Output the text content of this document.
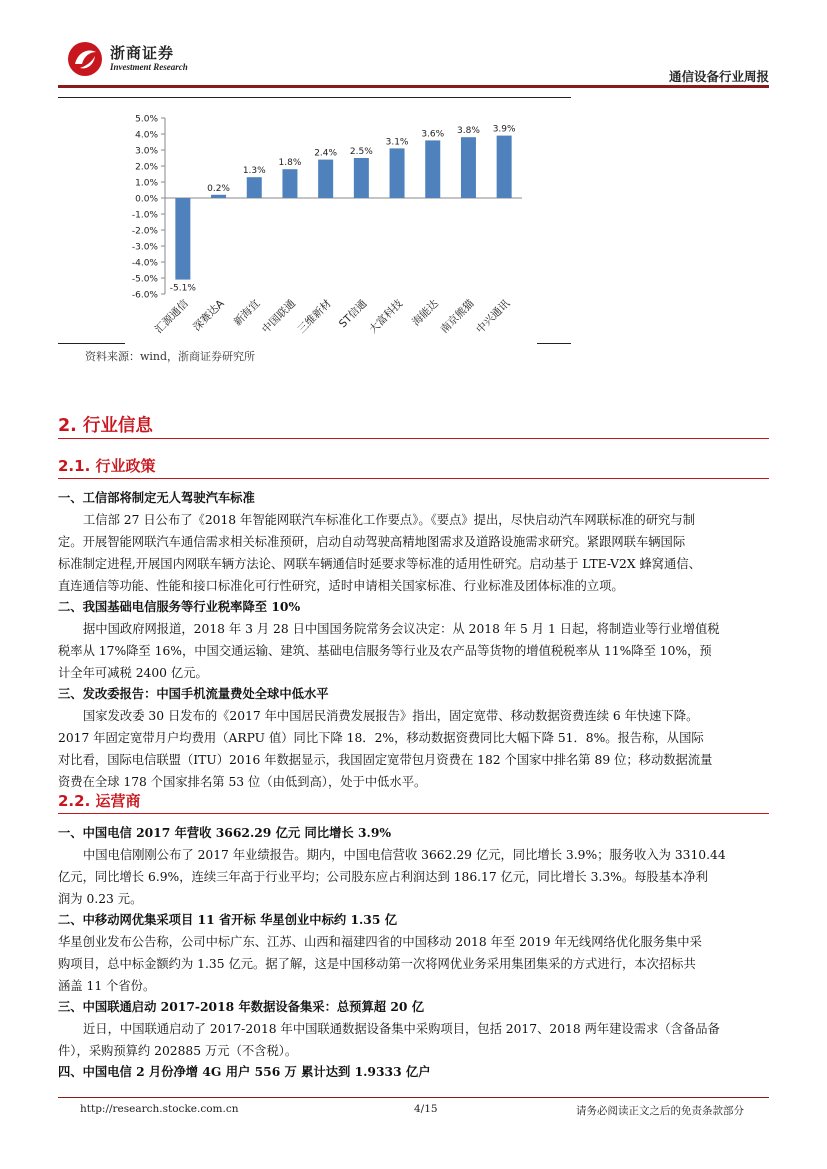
浙商证券
Investment Research
通信设备行业周报
5.0%
4.0%
3.0%
2.0%
1.0%
0.0%
-1.0%
-2.0%
-3.0%
-4.0%
-5.0%
-6.0%
-5.1%
汇源通信
0.2%
深赛达A
1.3%
新海宜
1.8%
中国联通
2.4%
三维新材
2.5%
ST信通
3.1%
大富科技
3.6%
海能达
3.8%
南京熊猫
3.9%
中兴通讯
资料来源：wind，浙商证券研究所
2. 行业信息
2.1. 行业政策
一、工信部将制定无人驾驶汽车标准
工信部 27 日公布了《2018 年智能网联汽车标准化工作要点》。《要点》提出，尽快启动汽车网联标准的研究与制
定。开展智能网联汽车通信需求相关标准预研，启动自动驾驶高精地图需求及道路设施需求研究。紧跟网联车辆国际
标准制定进程,开展国内网联车辆方法论、网联车辆通信时延要求等标准的适用性研究。启动基于 LTE-V2X 蜂窝通信、
直连通信等功能、性能和接口标准化可行性研究，适时申请相关国家标准、行业标准及团体标准的立项。
二、我国基础电信服务等行业税率降至 10%
据中国政府网报道，2018 年 3 月 28 日中国国务院常务会议决定：从 2018 年 5 月 1 日起，将制造业等行业增值税
税率从 17%降至 16%，中国交通运输、建筑、基础电信服务等行业及农产品等货物的增值税税率从 11%降至 10%，预
计全年可减税 2400 亿元。
三、发改委报告：中国手机流量费处全球中低水平
国家发改委 30 日发布的《2017 年中国居民消费发展报告》指出，固定宽带、移动数据资费连续 6 年快速下降。
2017 年固定宽带月户均费用（ARPU 值）同比下降 18．2%，移动数据资费同比大幅下降 51．8%。报告称，从国际
对比看，国际电信联盟（ITU）2016 年数据显示，我国固定宽带包月资费在 182 个国家中排名第 89 位；移动数据流量
资费在全球 178 个国家排名第 53 位（由低到高），处于中低水平。
2.2. 运营商
一、中国电信 2017 年营收 3662.29 亿元 同比增长 3.9%
中国电信刚刚公布了 2017 年业绩报告。期内，中国电信营收 3662.29 亿元，同比增长 3.9%；服务收入为 3310.44
亿元，同比增长 6.9%，连续三年高于行业平均；公司股东应占利润达到 186.17 亿元，同比增长 3.3%。每股基本净利
润为 0.23 元。
二、中移动网优集采项目 11 省开标 华星创业中标约 1.35 亿
华星创业发布公告称，公司中标广东、江苏、山西和福建四省的中国移动 2018 年至 2019 年无线网络优化服务集中采
购项目，总中标金额约为 1.35 亿元。据了解，这是中国移动第一次将网优业务采用集团集采的方式进行，本次招标共
涵盖 11 个省份。
三、中国联通启动 2017-2018 年数据设备集采：总预算超 20 亿
近日，中国联通启动了 2017-2018 年中国联通数据设备集中采购项目，包括 2017、2018 两年建设需求（含备品备
件），采购预算约 202885 万元（不含税）。
四、中国电信 2 月份净增 4G 用户 556 万 累计达到 1.9333 亿户
http://research.stocke.com.cn	4/15	请务必阅读正文之后的免责条款部分
